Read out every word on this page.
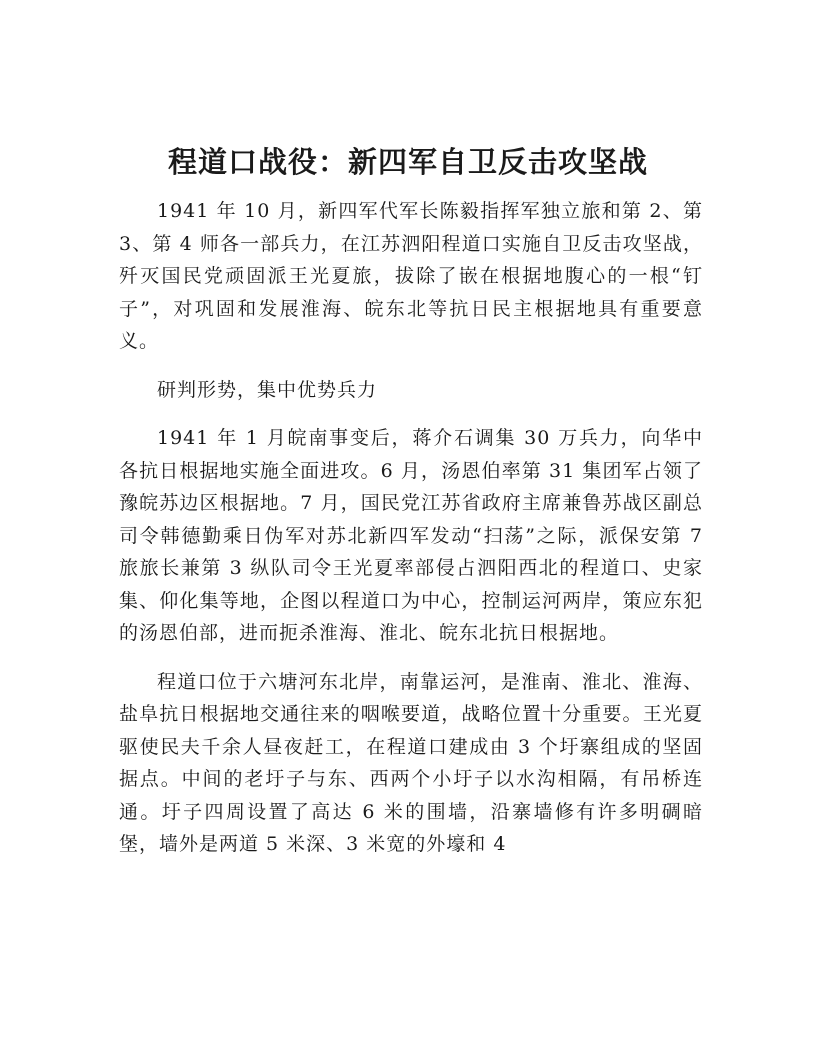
程道口战役：新四军自卫反击攻坚战

1941 年 10 月，新四军代军长陈毅指挥军独立旅和第 2、第 3、第 4 师各一部兵力，在江苏泗阳程道口实施自卫反击攻坚战，歼灭国民党顽固派王光夏旅，拔除了嵌在根据地腹心的一根“钉子”，对巩固和发展淮海、皖东北等抗日民主根据地具有重要意义。

研判形势，集中优势兵力

1941 年 1 月皖南事变后，蒋介石调集 30 万兵力，向华中各抗日根据地实施全面进攻。6 月，汤恩伯率第 31 集团军占领了豫皖苏边区根据地。7 月，国民党江苏省政府主席兼鲁苏战区副总司令韩德勤乘日伪军对苏北新四军发动“扫荡”之际，派保安第 7 旅旅长兼第 3 纵队司令王光夏率部侵占泗阳西北的程道口、史家集、仰化集等地，企图以程道口为中心，控制运河两岸，策应东犯的汤恩伯部，进而扼杀淮海、淮北、皖东北抗日根据地。

程道口位于六塘河东北岸，南靠运河，是淮南、淮北、淮海、盐阜抗日根据地交通往来的咽喉要道，战略位置十分重要。王光夏驱使民夫千余人昼夜赶工，在程道口建成由 3 个圩寨组成的坚固据点。中间的老圩子与东、西两个小圩子以水沟相隔，有吊桥连通。圩子四周设置了高达 6 米的围墙，沿寨墙修有许多明碉暗堡，墙外是两道 5 米深、3 米宽的外壕和 4
